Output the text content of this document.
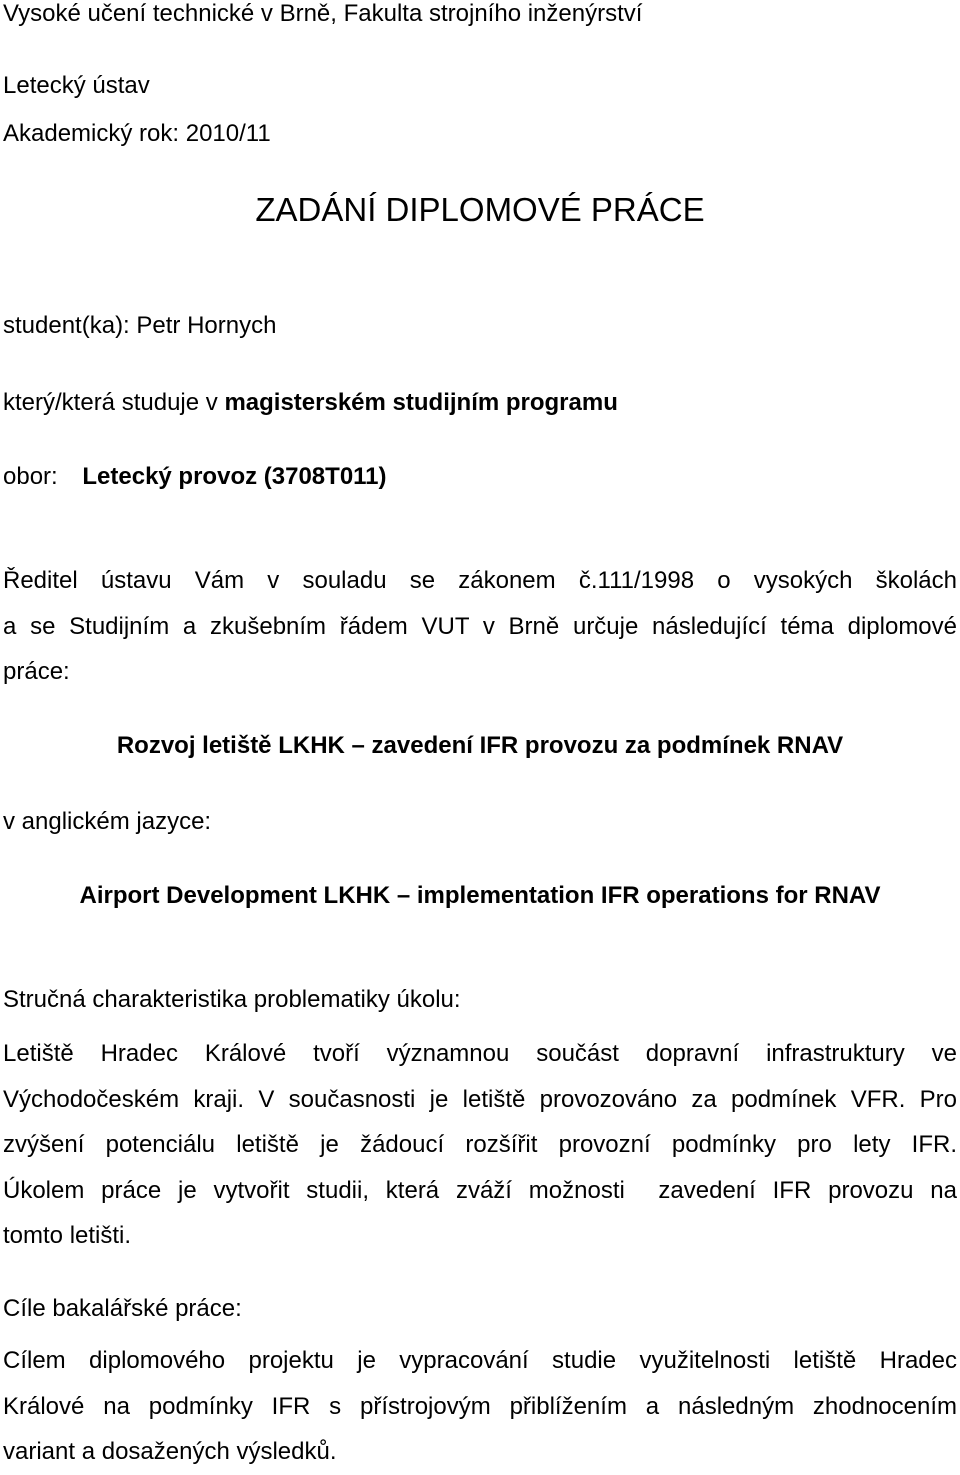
Vysoké učení technické v Brně, Fakulta strojního inženýrství
Letecký ústav
Akademický rok: 2010/11
ZADÁNÍ DIPLOMOVÉ PRÁCE
student(ka): Petr Hornych
který/která studuje v magisterském studijním programu
obor: Letecký provoz (3708T011)
Ředitel ústavu Vám v souladu se zákonem č.111/1998 o vysokých školách
a se Studijním a zkušebním řádem VUT v Brně určuje následující téma diplomové
práce:
Rozvoj letiště LKHK – zavedení IFR provozu za podmínek RNAV
v anglickém jazyce:
Airport Development LKHK – implementation IFR operations for RNAV
Stručná charakteristika problematiky úkolu:
Letiště Hradec Králové tvoří významnou součást dopravní infrastruktury ve
Východočeském kraji. V současnosti je letiště provozováno za podmínek VFR. Pro
zvýšení potenciálu letiště je žádoucí rozšířit provozní podmínky pro lety IFR.
Úkolem práce je vytvořit studii, která zváží možnosti  zavedení IFR provozu na
tomto letišti.
Cíle bakalářské práce:
Cílem diplomového projektu je vypracování studie využitelnosti letiště Hradec
Králové na podmínky IFR s přístrojovým přiblížením a následným zhodnocením
variant a dosažených výsledků.
